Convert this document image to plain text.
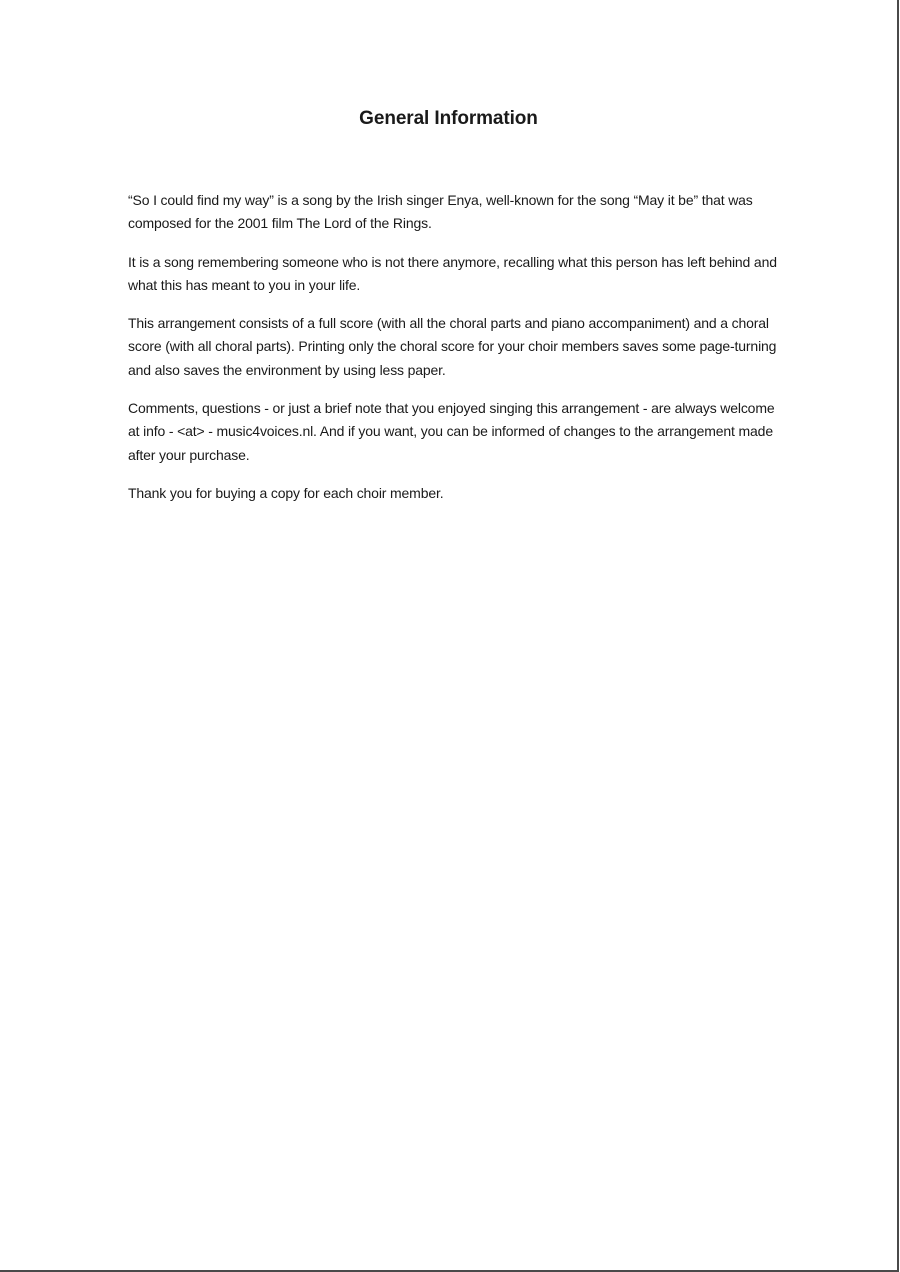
General Information

“So I could find my way” is a song by the Irish singer Enya, well-known for the song “May it be” that was composed for the 2001 film The Lord of the Rings.

It is a song remembering someone who is not there anymore, recalling what this person has left behind and what this has meant to you in your life.

This arrangement consists of a full score (with all the choral parts and piano accompaniment) and a choral score (with all choral parts). Printing only the choral score for your choir members saves some page-turning and also saves the environment by using less paper.

Comments, questions - or just a brief note that you enjoyed singing this arrangement - are always welcome at info - <at> - music4voices.nl. And if you want, you can be informed of changes to the arrangement made after your purchase.

Thank you for buying a copy for each choir member.
